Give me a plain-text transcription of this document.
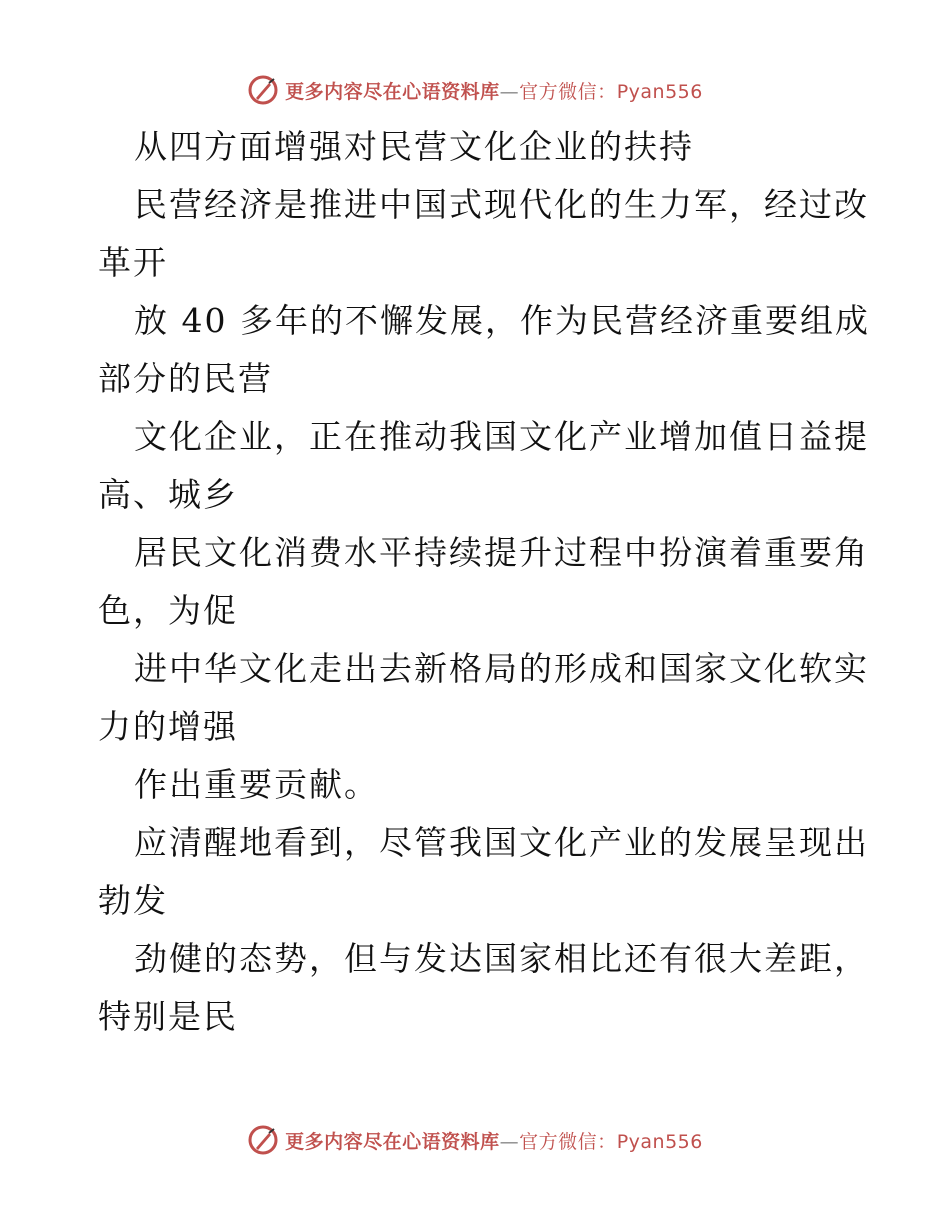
更多内容尽在心语资料库—官方微信：Pyan556
从四方面增强对民营文化企业的扶持
民营经济是推进中国式现代化的生力军，经过改
革开
放 40 多年的不懈发展，作为民营经济重要组成
部分的民营
文化企业，正在推动我国文化产业增加值日益提
高、城乡
居民文化消费水平持续提升过程中扮演着重要角
色，为促
进中华文化走出去新格局的形成和国家文化软实
力的增强
作出重要贡献。
应清醒地看到，尽管我国文化产业的发展呈现出
勃发
劲健的态势，但与发达国家相比还有很大差距，
特别是民
更多内容尽在心语资料库—官方微信：Pyan556
